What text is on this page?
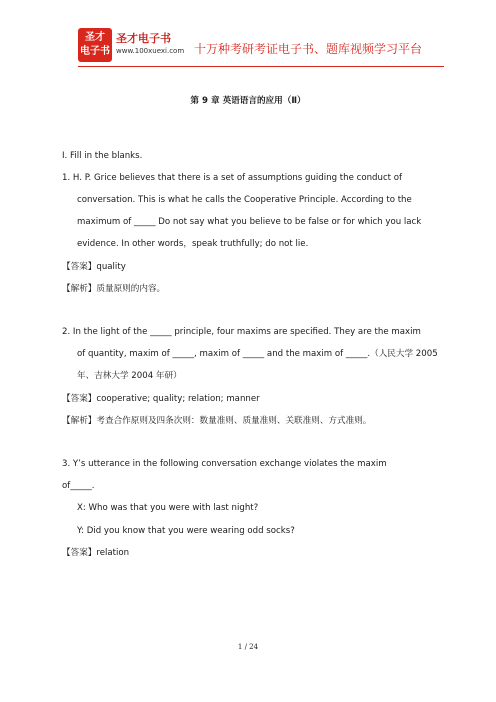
圣才
电子书
圣才电子书
www.100xuexi.com 十万种考研考证电子书、题库视频学习平台
第 9 章 英语语言的应用（Ⅱ）
I. Fill in the blanks.
1. H. P. Grice believes that there is a set of assumptions guiding the conduct of
conversation. This is what he calls the Cooperative Principle. According to the
maximum of _____ Do not say what you believe to be false or for which you lack
evidence. In other words，speak truthfully; do not lie.
【答案】quality
【解析】质量原则的内容。
2. In the light of the _____ principle, four maxims are specified. They are the maxim
of quantity, maxim of _____, maxim of _____ and the maxim of _____.（人民大学 2005
年、吉林大学 2004 年研）
【答案】cooperative; quality; relation; manner
【解析】考查合作原则及四条次则：数量准则、质量准则、关联准则、方式准则。
3. Y’s utterance in the following conversation exchange violates the maxim
of_____.
X: Who was that you were with last night?
Y: Did you know that you were wearing odd socks?
【答案】relation
1 / 24
